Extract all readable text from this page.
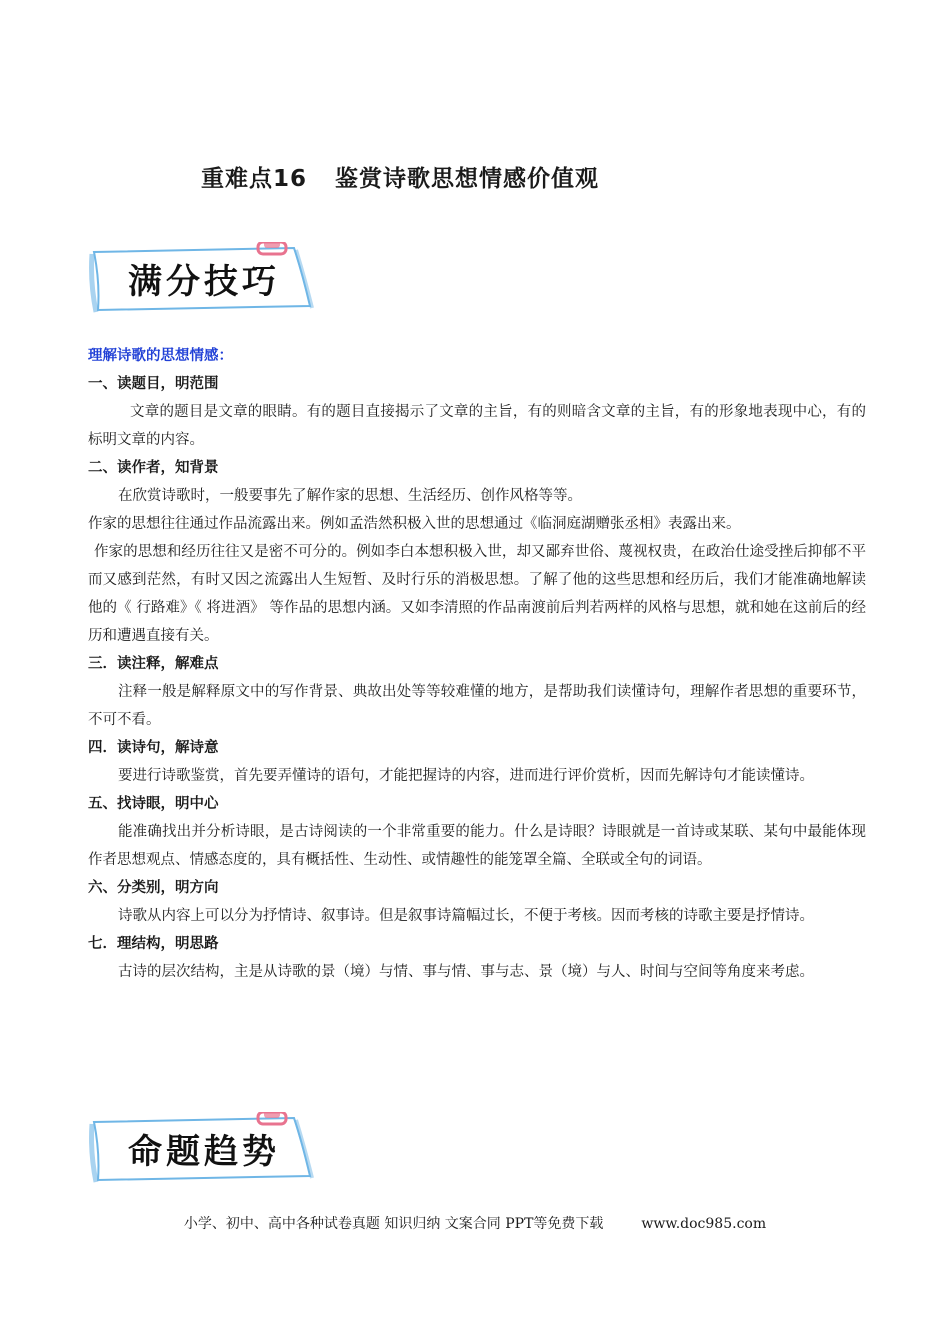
重难点16 鉴赏诗歌思想情感价值观
满分技巧
理解诗歌的思想情感：
一、读题目，明范围
文章的题目是文章的眼睛。有的题目直接揭示了文章的主旨，有的则暗含文章的主旨，有的形象地表现中心，有的标明文章的内容。
二、读作者，知背景
在欣赏诗歌时，一般要事先了解作家的思想、生活经历、创作风格等等。
作家的思想往往通过作品流露出来。例如孟浩然积极入世的思想通过《临洞庭湖赠张丞相》表露出来。
作家的思想和经历往往又是密不可分的。例如李白本想积极入世，却又鄙弃世俗、蔑视权贵，在政治仕途受挫后抑郁不平而又感到茫然，有时又因之流露出人生短暂、及时行乐的消极思想。了解了他的这些思想和经历后，我们才能准确地解读他的《 行路难》《 将进酒》 等作品的思想内涵。又如李清照的作品南渡前后判若两样的风格与思想，就和她在这前后的经历和遭遇直接有关。
三．读注释，解难点
注释一般是解释原文中的写作背景、典故出处等等较难懂的地方，是帮助我们读懂诗句，理解作者思想的重要环节，不可不看。
四．读诗句，解诗意
要进行诗歌鉴赏，首先要弄懂诗的语句，才能把握诗的内容，进而进行评价赏析，因而先解诗句才能读懂诗。
五、找诗眼，明中心
能准确找出并分析诗眼，是古诗阅读的一个非常重要的能力。什么是诗眼？诗眼就是一首诗或某联、某句中最能体现作者思想观点、情感态度的，具有概括性、生动性、或情趣性的能笼罩全篇、全联或全句的词语。
六、分类别，明方向
诗歌从内容上可以分为抒情诗、叙事诗。但是叙事诗篇幅过长，不便于考核。因而考核的诗歌主要是抒情诗。
七．理结构，明思路
古诗的层次结构，主是从诗歌的景（境）与情、事与情、事与志、景（境）与人、时间与空间等角度来考虑。
命题趋势
小学、初中、高中各种试卷真题 知识归纳 文案合同 PPT等免费下载	www.doc985.com
